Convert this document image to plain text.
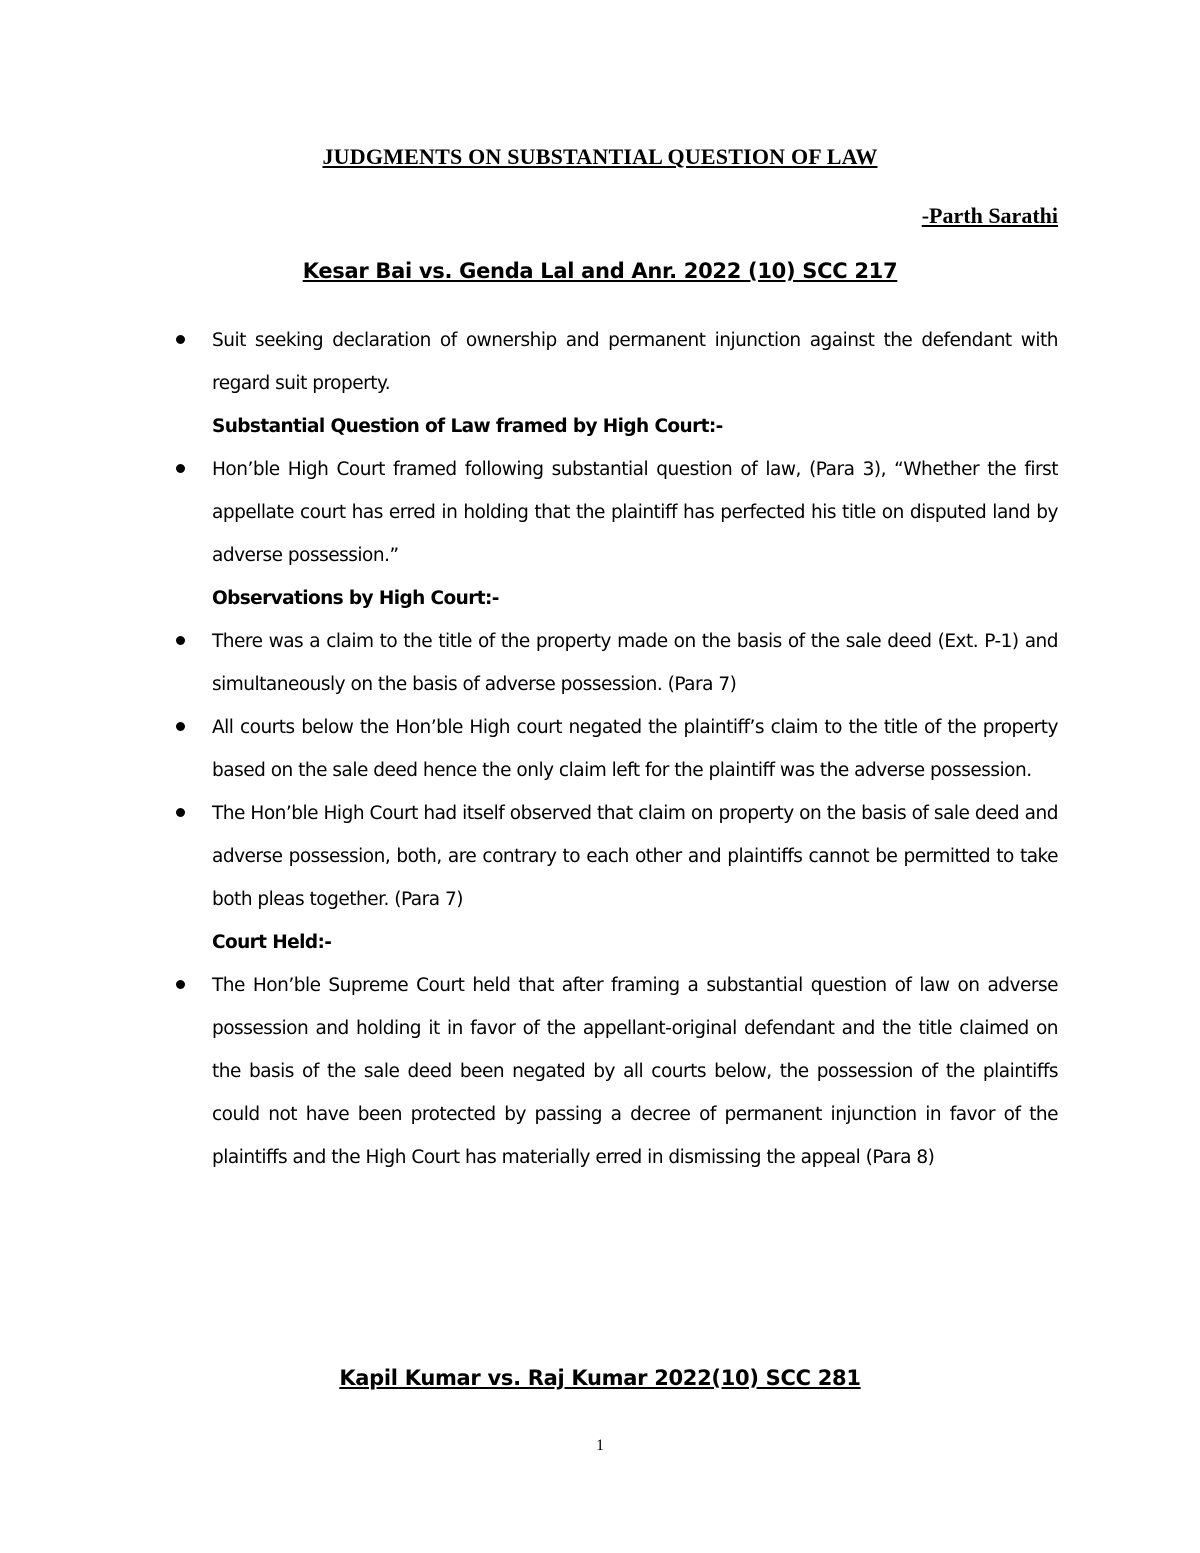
JUDGMENTS ON SUBSTANTIAL QUESTION OF LAW
-Parth Sarathi
Kesar Bai vs. Genda Lal and Anr. 2022 (10) SCC 217

Suit seeking declaration of ownership and permanent injunction against the defendant with regard suit property.

Substantial Question of Law framed by High Court:-

Hon’ble High Court framed following substantial question of law, (Para 3), “Whether the first appellate court has erred in holding that the plaintiff has perfected his title on disputed land by adverse possession.”

Observations by High Court:-

There was a claim to the title of the property made on the basis of the sale deed (Ext. P-1) and simultaneously on the basis of adverse possession. (Para 7)

All courts below the Hon’ble High court negated the plaintiff’s claim to the title of the property based on the sale deed hence the only claim left for the plaintiff was the adverse possession.

The Hon’ble High Court had itself observed that claim on property on the basis of sale deed and adverse possession, both, are contrary to each other and plaintiffs cannot be permitted to take both pleas together. (Para 7)

Court Held:-

The Hon’ble Supreme Court held that after framing a substantial question of law on adverse possession and holding it in favor of the appellant-original defendant and the title claimed on the basis of the sale deed been negated by all courts below, the possession of the plaintiffs could not have been protected by passing a decree of permanent injunction in favor of the plaintiffs and the High Court has materially erred in dismissing the appeal (Para 8)

Kapil Kumar vs. Raj Kumar 2022(10) SCC 281
1
